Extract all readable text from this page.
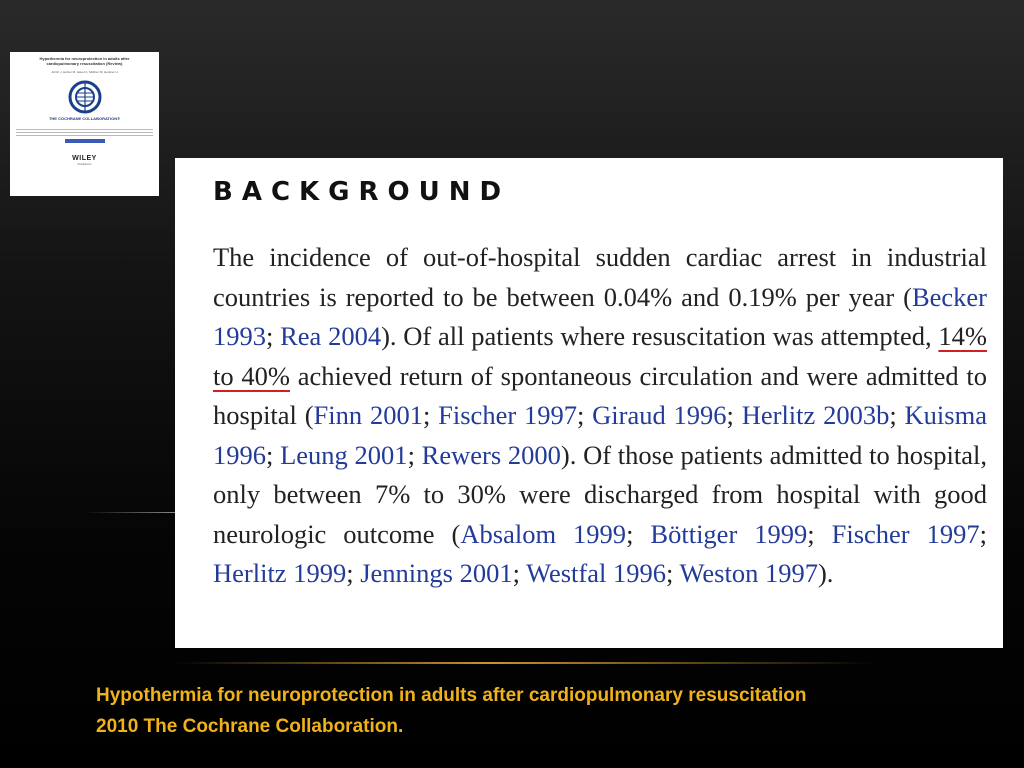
Hypothermia for neuroprotection in adults after cardiopulmonary resuscitation (Review)
Arrich J, Holzer M, Havel C, Müllner M, Herkner H
THE COCHRANE COLLABORATION®
WILEY
Publishers
BACKGROUND

The incidence of out-of-hospital sudden cardiac arrest in industrial countries is reported to be between 0.04% and 0.19% per year (Becker 1993; Rea 2004). Of all patients where resuscitation was attempted, 14% to 40% achieved return of spontaneous circulation and were admitted to hospital (Finn 2001; Fischer 1997; Giraud 1996; Herlitz 2003b; Kuisma 1996; Leung 2001; Rewers 2000). Of those patients admitted to hospital, only between 7% to 30% were discharged from hospital with good neurologic outcome (Absalom 1999; Böttiger 1999; Fischer 1997; Herlitz 1999; Jennings 2001; Westfal 1996; Weston 1997).

Hypothermia for neuroprotection in adults after cardiopulmonary resuscitation
2010 The Cochrane Collaboration.
